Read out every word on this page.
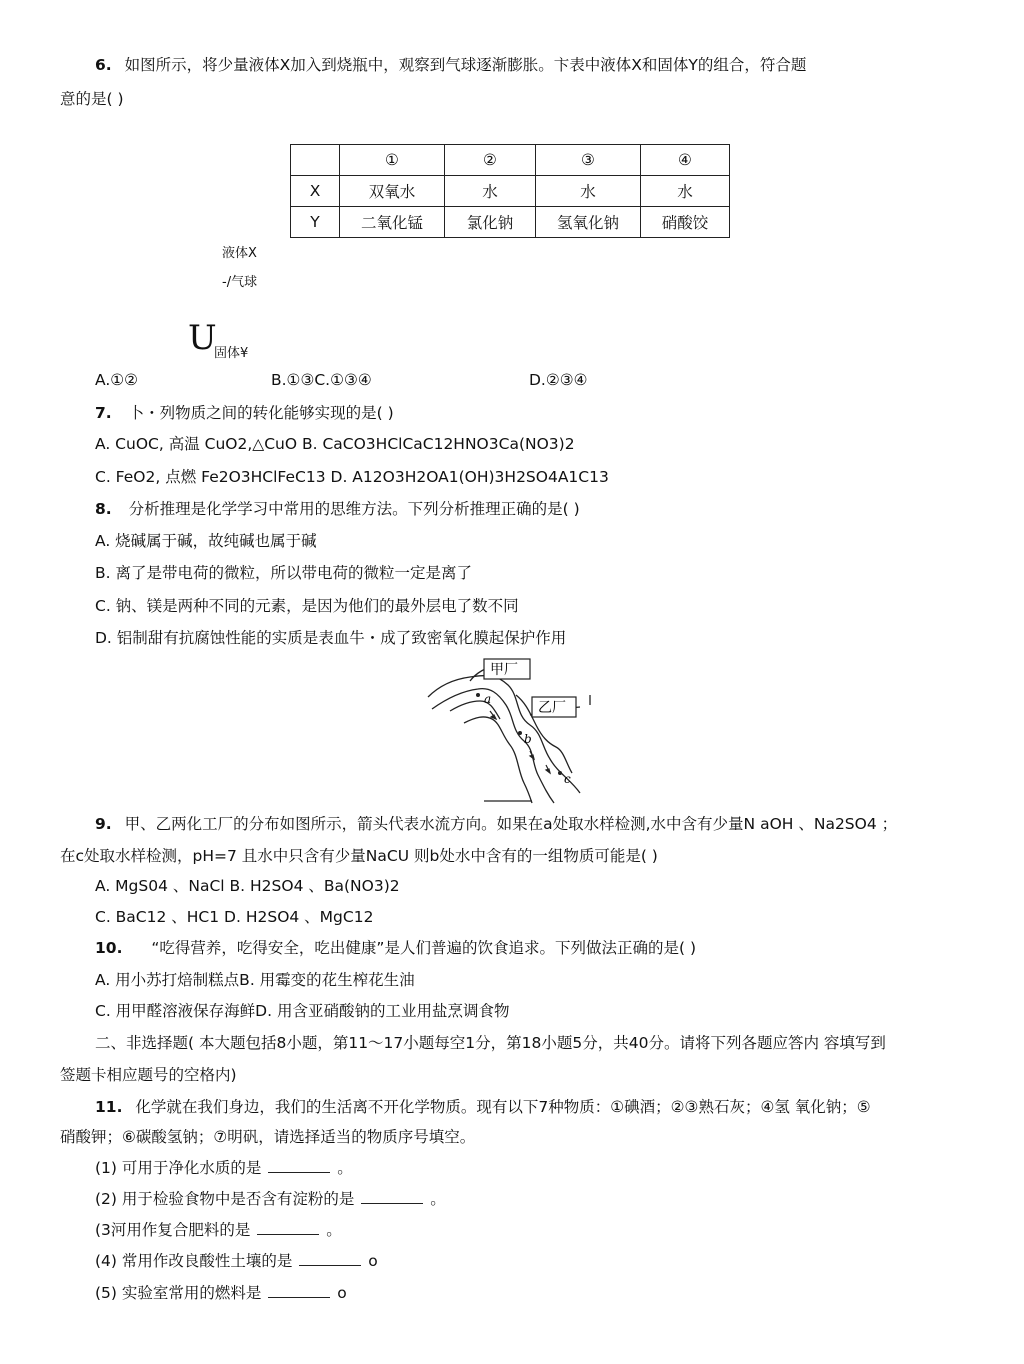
6. 如图所示，将少量液体X加入到烧瓶中，观察到气球逐渐膨胀。卞表中液体X和固体Y的组合，符合题
意的是( )
	①	②	③	④
X	双氧水	水	水	水
Y	二氧化锰	氯化钠	氢氧化钠	硝酸饺
液体X
-/气球
U
固体¥
A.①②	B.①③C.①③④	D.②③④
7. 卜・列物质之间的转化能够实现的是( )
A. CuOC, 高温 CuO2,△CuO B. CaCO3HClCaC12HNO3Ca(NO3)2
C. FeO2, 点燃 Fe2O3HClFeC13 D. A12O3H2OA1(OH)3H2SO4A1C13
8. 分析推理是化学学习中常用的思维方法。下列分析推理正确的是( )
A. 烧碱属于碱，故纯碱也属于碱
B. 离了是带电荷的微粒，所以带电荷的微粒一定是离了
C. 钠、镁是两种不同的元素，是因为他们的最外层电了数不同
D. 铝制甜有抗腐蚀性能的实质是表血牛・成了致密氧化膜起保护作用
甲厂
乙厂
a
b
c
9. 甲、乙两化工厂的分布如图所示，箭头代表水流方向。如果在a处取水样检测,水中含有少量N aOH 、Na2SO4 ；
在c处取水样检测，pH=7 且水中只含有少量NaCU 则b处水中含有的一组物质可能是( )
A. MgS04 、NaCl B. H2SO4 、Ba(NO3)2
C. BaC12 、HC1 D. H2SO4 、MgC12
10. “吃得营养，吃得安全，吃出健康”是人们普遍的饮食追求。下列做法正确的是( )
A. 用小苏打焙制糕点B. 用霉变的花生榨花生油
C. 用甲醛溶液保存海鲜D. 用含亚硝酸钠的工业用盐烹调食物
二、非选择题( 本大题包括8小题，第11～17小题每空1分，第18小题5分，共40分。请将下列各题应答内 容填写到
签题卡相应题号的空格内)
11. 化学就在我们身边，我们的生活离不开化学物质。现有以下7种物质：①碘酒；②③熟石灰；④氢 氧化钠；⑤
硝酸钾；⑥碳酸氢钠；⑦明矾，请选择适当的物质序号填空。
(1) 可用于净化水质的是	。
(2) 用于检验食物中是否含有淀粉的是	。
(3河用作复合肥料的是	。
(4) 常用作改良酸性土壤的是	o
(5) 实验室常用的燃料是	o
